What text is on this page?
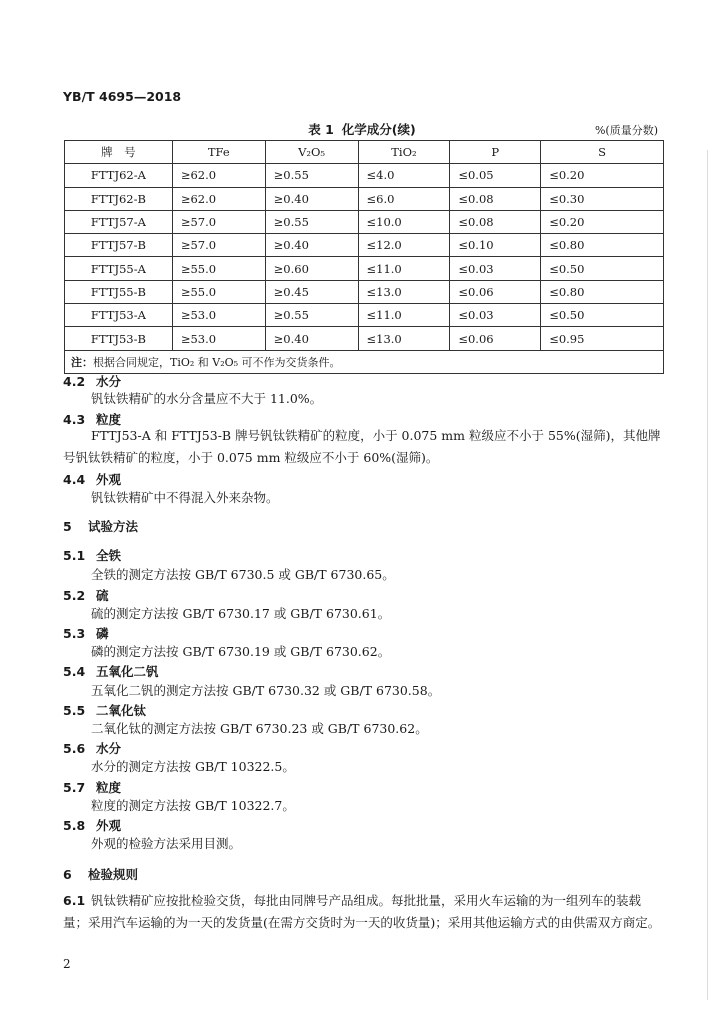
YB/T 4695—2018
表 1 化学成分(续)	%(质量分数)
牌　号	TFe	V₂O₅	TiO₂	P	S
FTTJ62-A	≥62.0	≥0.55	≤4.0	≤0.05	≤0.20
FTTJ62-B	≥62.0	≥0.40	≤6.0	≤0.08	≤0.30
FTTJ57-A	≥57.0	≥0.55	≤10.0	≤0.08	≤0.20
FTTJ57-B	≥57.0	≥0.40	≤12.0	≤0.10	≤0.80
FTTJ55-A	≥55.0	≥0.60	≤11.0	≤0.03	≤0.50
FTTJ55-B	≥55.0	≥0.45	≤13.0	≤0.06	≤0.80
FTTJ53-A	≥53.0	≥0.55	≤11.0	≤0.03	≤0.50
FTTJ53-B	≥53.0	≥0.40	≤13.0	≤0.06	≤0.95
注：根据合同规定，TiO₂ 和 V₂O₅ 可不作为交货条件。					
4.2 水分
钒钛铁精矿的水分含量应不大于 11.0%。
4.3 粒度
FTTJ53-A 和 FTTJ53-B 牌号钒钛铁精矿的粒度，小于 0.075 mm 粒级应不小于 55%(湿筛)，其他牌号钒钛铁精矿的粒度，小于 0.075 mm 粒级应不小于 60%(湿筛)。
4.4 外观
钒钛铁精矿中不得混入外来杂物。
5 试验方法
5.1 全铁
全铁的测定方法按 GB/T 6730.5 或 GB/T 6730.65。
5.2 硫
硫的测定方法按 GB/T 6730.17 或 GB/T 6730.61。
5.3 磷
磷的测定方法按 GB/T 6730.19 或 GB/T 6730.62。
5.4 五氧化二钒
五氧化二钒的测定方法按 GB/T 6730.32 或 GB/T 6730.58。
5.5 二氧化钛
二氧化钛的测定方法按 GB/T 6730.23 或 GB/T 6730.62。
5.6 水分
水分的测定方法按 GB/T 10322.5。
5.7 粒度
粒度的测定方法按 GB/T 10322.7。
5.8 外观
外观的检验方法采用目测。
6 检验规则
6.1 钒钛铁精矿应按批检验交货，每批由同牌号产品组成。每批批量，采用火车运输的为一组列车的装载量；采用汽车运输的为一天的发货量(在需方交货时为一天的收货量)；采用其他运输方式的由供需双方商定。
2
